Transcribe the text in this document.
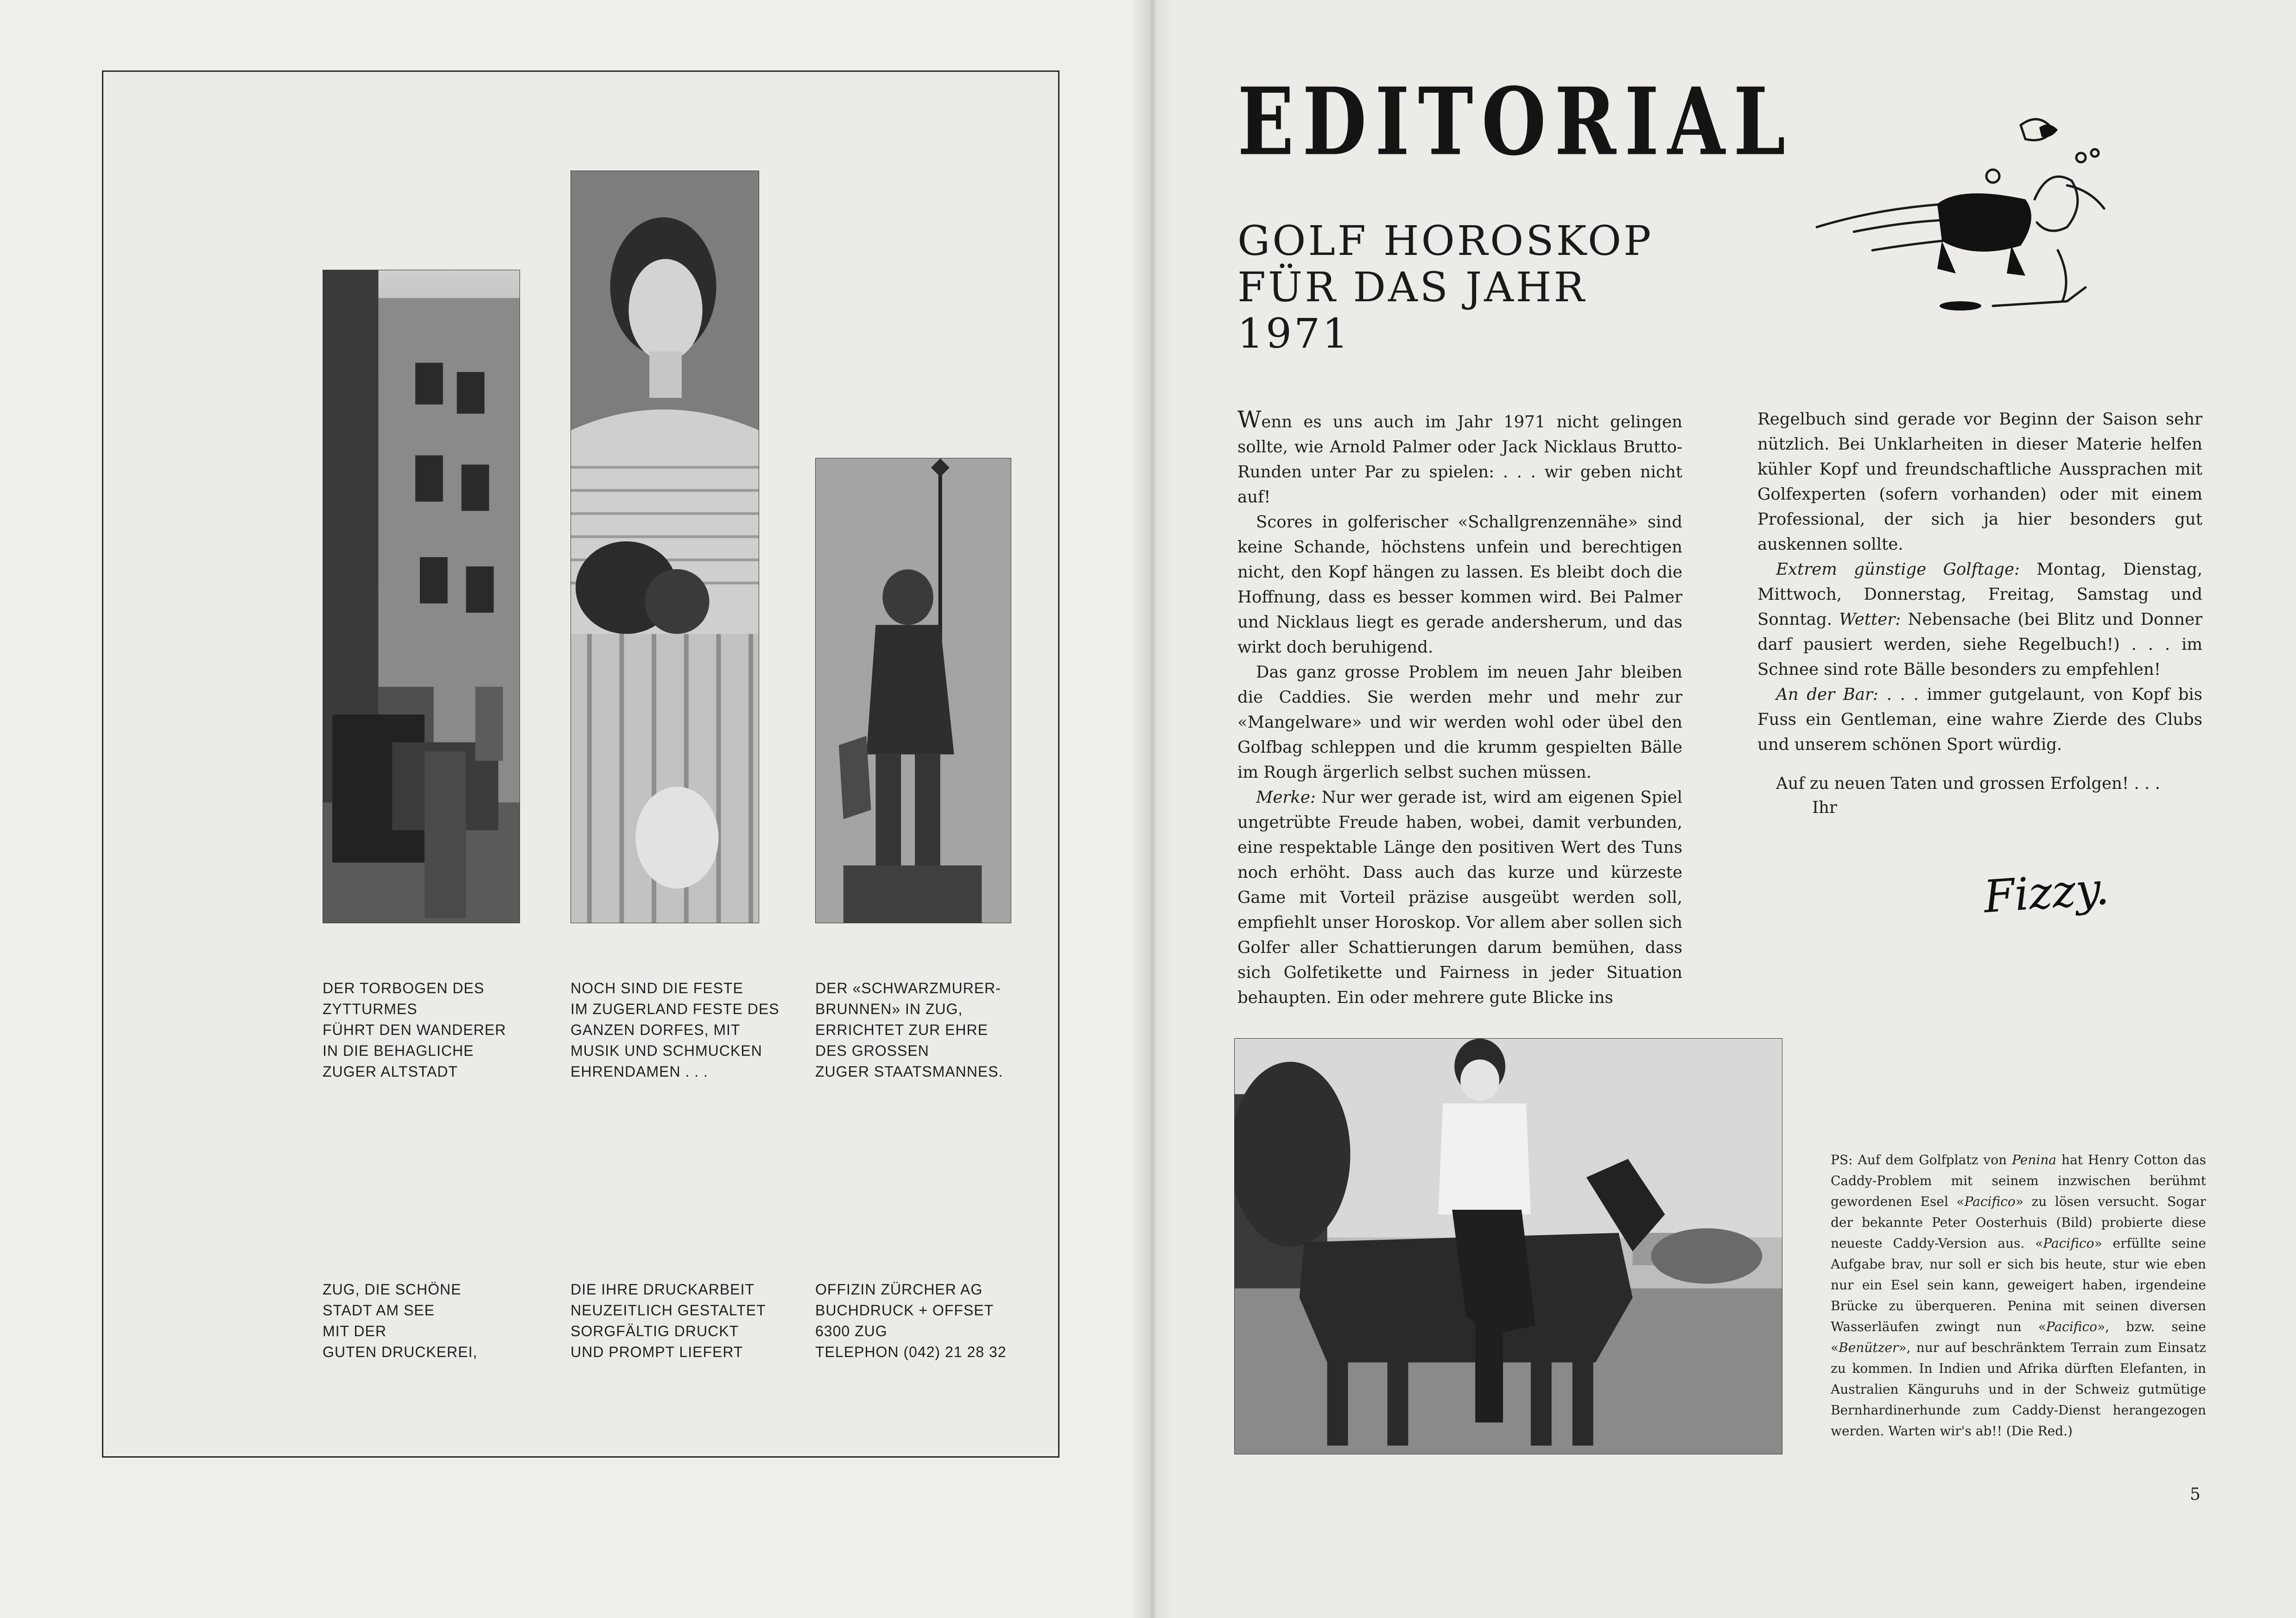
DER TORBOGEN DES
ZYTTURMES
FÜHRT DEN WANDERER
IN DIE BEHAGLICHE
ZUGER ALTSTADT
NOCH SIND DIE FESTE
IM ZUGERLAND FESTE DES
GANZEN DORFES, MIT
MUSIK UND SCHMUCKEN
EHRENDAMEN . . .
DER «SCHWARZMURER-
BRUNNEN» IN ZUG,
ERRICHTET ZUR EHRE
DES GROSSEN
ZUGER STAATSMANNES.
ZUG, DIE SCHÖNE
STADT AM SEE
MIT DER
GUTEN DRUCKEREI,
DIE IHRE DRUCKARBEIT
NEUZEITLICH GESTALTET
SORGFÄLTIG DRUCKT
UND PROMPT LIEFERT
OFFIZIN ZÜRCHER AG
BUCHDRUCK + OFFSET
6300 ZUG
TELEPHON (042) 21 28 32
EDITORIAL
GOLF HOROSKOP
FÜR DAS JAHR
1971

Wenn es uns auch im Jahr 1971 nicht gelingen sollte, wie Arnold Palmer oder Jack Nicklaus Brutto-Runden unter Par zu spielen: . . . wir geben nicht auf!

Scores in golferischer «Schallgrenzennähe» sind keine Schande, höchstens unfein und berechtigen nicht, den Kopf hängen zu lassen. Es bleibt doch die Hoffnung, dass es besser kommen wird. Bei Palmer und Nicklaus liegt es gerade andersherum, und das wirkt doch beruhigend.

Das ganz grosse Problem im neuen Jahr bleiben die Caddies. Sie werden mehr und mehr zur «Mangelware» und wir werden wohl oder übel den Golfbag schleppen und die krumm gespielten Bälle im Rough ärgerlich selbst suchen müssen.

Merke: Nur wer gerade ist, wird am eigenen Spiel ungetrübte Freude haben, wobei, damit verbunden, eine respektable Länge den positiven Wert des Tuns noch erhöht. Dass auch das kurze und kürzeste Game mit Vorteil präzise ausgeübt werden soll, empfiehlt unser Horoskop. Vor allem aber sollen sich Golfer aller Schattierungen darum bemühen, dass sich Golfetikette und Fairness in jeder Situation behaupten. Ein oder mehrere gute Blicke ins

Regelbuch sind gerade vor Beginn der Saison sehr nützlich. Bei Unklarheiten in dieser Materie helfen kühler Kopf und freundschaftliche Aussprachen mit Golfexperten (sofern vorhanden) oder mit einem Professional, der sich ja hier besonders gut auskennen sollte.

Extrem günstige Golftage: Montag, Dienstag, Mittwoch, Donnerstag, Freitag, Samstag und Sonntag. Wetter: Nebensache (bei Blitz und Donner darf pausiert werden, siehe Regelbuch!) . . . im Schnee sind rote Bälle besonders zu empfehlen!

An der Bar: . . . immer gutgelaunt, von Kopf bis Fuss ein Gentleman, eine wahre Zierde des Clubs und unserem schönen Sport würdig.

Auf zu neuen Taten und grossen Erfolgen! . . .
Ihr
Fizzy.
PS: Auf dem Golfplatz von Penina hat Henry Cotton das Caddy-Problem mit seinem inzwischen berühmt gewordenen Esel «Pacifico» zu lösen versucht. Sogar der bekannte Peter Oosterhuis (Bild) probierte diese neueste Caddy-Version aus. «Pacifico» erfüllte seine Aufgabe brav, nur soll er sich bis heute, stur wie eben nur ein Esel sein kann, geweigert haben, irgendeine Brücke zu überqueren. Penina mit seinen diversen Wasserläufen zwingt nun «Pacifico», bzw. seine «Benützer», nur auf beschränktem Terrain zum Einsatz zu kommen. In Indien und Afrika dürften Elefanten, in Australien Känguruhs und in der Schweiz gutmütige Bernhardinerhunde zum Caddy-Dienst herangezogen werden. Warten wir's ab!! (Die Red.)
5
